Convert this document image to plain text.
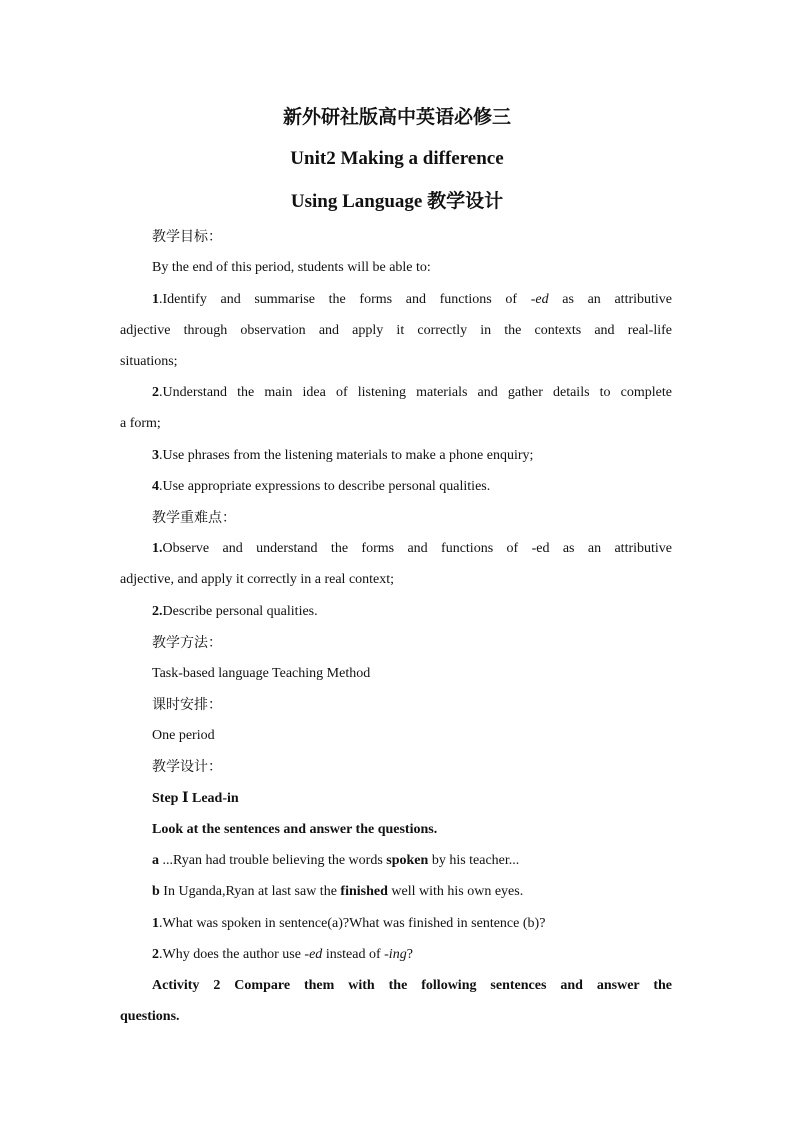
新外研社版高中英语必修三
Unit2 Making a difference
Using Language 教学设计

教学目标：

By the end of this period, students will be able to:

1.Identify and summarise the forms and functions of -ed as an attributive

adjective through observation and apply it correctly in the contexts and real-life

situations;

2.Understand the main idea of listening materials and gather details to complete

a form;

3.Use phrases from the listening materials to make a phone enquiry;

4.Use appropriate expressions to describe personal qualities.

教学重难点：

1.Observe and understand the forms and functions of -ed as an attributive

adjective, and apply it correctly in a real context;

2.Describe personal qualities.

教学方法：

Task-based language Teaching Method

课时安排：

One period

教学设计：

Step Ⅰ Lead-in

Look at the sentences and answer the questions.

a ...Ryan had trouble believing the words spoken by his teacher...

b In Uganda,Ryan at last saw the finished well with his own eyes.

1.What was spoken in sentence(a)?What was finished in sentence (b)?

2.Why does the author use -ed instead of -ing?

Activity 2 Compare them with the following sentences and answer the

questions.
